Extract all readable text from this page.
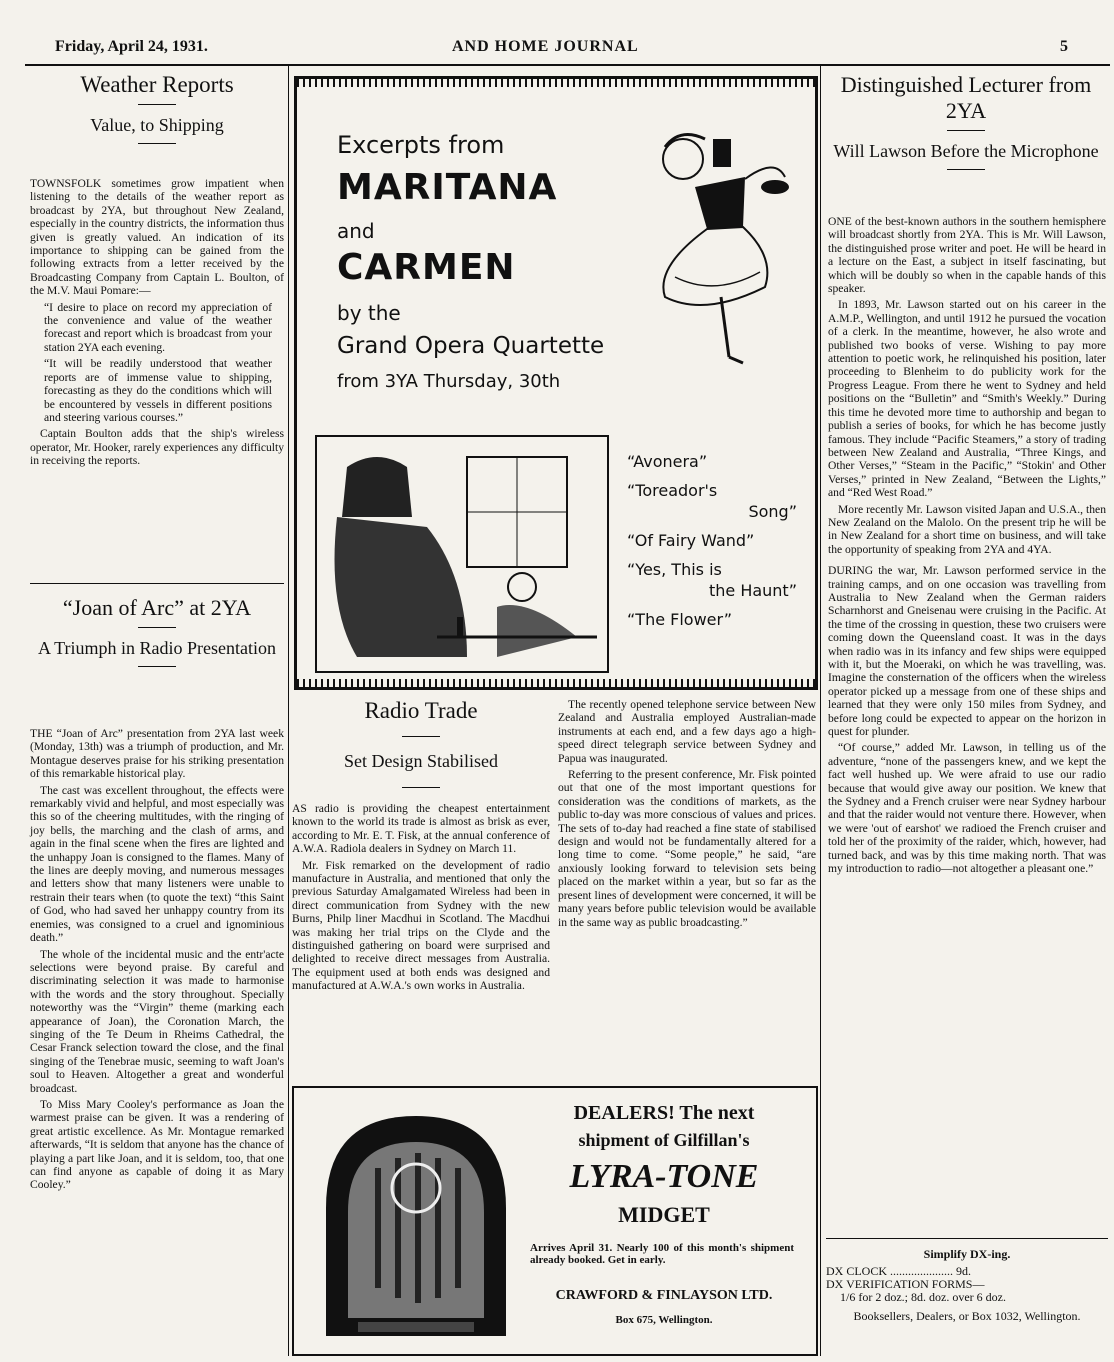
Friday, April 24, 1931.	AND HOME JOURNAL	5
Weather Reports
Value, to Shipping

TOWNSFOLK sometimes grow impatient when listening to the details of the weather report as broadcast by 2YA, but throughout New Zealand, especially in the country districts, the information thus given is greatly valued. An indication of its importance to shipping can be gained from the following extracts from a letter received by the Broadcasting Company from Captain L. Boulton, of the M.V. Maui Pomare:—

“I desire to place on record my appreciation of the convenience and value of the weather forecast and report which is broadcast from your station 2YA each evening.

“It will be readily understood that weather reports are of immense value to shipping, forecasting as they do the conditions which will be encountered by vessels in different positions and steering various courses.”

Captain Boulton adds that the ship's wireless operator, Mr. Hooker, rarely experiences any difficulty in receiving the reports.

“Joan of Arc” at 2YA
A Triumph in Radio Presentation

THE “Joan of Arc” presentation from 2YA last week (Monday, 13th) was a triumph of production, and Mr. Montague deserves praise for his striking presentation of this remarkable historical play.

The cast was excellent throughout, the effects were remarkably vivid and helpful, and most especially was this so of the cheering multitudes, with the ringing of joy bells, the marching and the clash of arms, and again in the final scene when the fires are lighted and the unhappy Joan is consigned to the flames. Many of the lines are deeply moving, and numerous messages and letters show that many listeners were unable to restrain their tears when (to quote the text) “this Saint of God, who had saved her unhappy country from its enemies, was consigned to a cruel and ignominious death.”

The whole of the incidental music and the entr'acte selections were beyond praise. By careful and discriminating selection it was made to harmonise with the words and the story throughout. Specially noteworthy was the “Virgin” theme (marking each appearance of Joan), the Coronation March, the singing of the Te Deum in Rheims Cathedral, the Cesar Franck selection toward the close, and the final singing of the Tenebrae music, seeming to waft Joan's soul to Heaven. Altogether a great and wonderful broadcast.

To Miss Mary Cooley's performance as Joan the warmest praise can be given. It was a rendering of great artistic excellence. As Mr. Montague remarked afterwards, “It is seldom that anyone has the chance of playing a part like Joan, and it is seldom, too, that one can find anyone as capable of doing it as Mary Cooley.”

Excerpts from
MARITANA
and
CARMEN
by the
Grand Opera Quartette
from 3YA Thursday, 30th
“Avonera”
“Toreador's
Song”
“Of Fairy Wand”
“Yes, This is
the Haunt”
“The Flower”
Radio Trade
Set Design Stabilised

AS radio is providing the cheapest entertainment known to the world its trade is almost as brisk as ever, according to Mr. E. T. Fisk, at the annual conference of A.W.A. Radiola dealers in Sydney on March 11.

Mr. Fisk remarked on the development of radio manufacture in Australia, and mentioned that only the previous Saturday Amalgamated Wireless had been in direct communication from Sydney with the new Burns, Philp liner Macdhui in Scotland. The Macdhui was making her trial trips on the Clyde and the distinguished gathering on board were surprised and delighted to receive direct messages from Australia. The equipment used at both ends was designed and manufactured at A.W.A.'s own works in Australia.

The recently opened telephone service between New Zealand and Australia employed Australian-made instruments at each end, and a few days ago a high-speed direct telegraph service between Sydney and Papua was inaugurated.

Referring to the present conference, Mr. Fisk pointed out that one of the most important questions for consideration was the conditions of markets, as the public to-day was more conscious of values and prices. The sets of to-day had reached a fine state of stabilised design and would not be fundamentally altered for a long time to come. “Some people,” he said, “are anxiously looking forward to television sets being placed on the market within a year, but so far as the present lines of development were concerned, it will be many years before public television would be available in the same way as public broadcasting.”

DEALERS! The next
shipment of Gilfillan's
LYRA-TONE
MIDGET
Arrives April 31. Nearly 100 of this month's shipment already booked. Get in early.
CRAWFORD & FINLAYSON LTD.
Box 675, Wellington.
Distinguished Lecturer from 2YA
Will Lawson Before the Microphone

ONE of the best-known authors in the southern hemisphere will broadcast shortly from 2YA. This is Mr. Will Lawson, the distinguished prose writer and poet. He will be heard in a lecture on the East, a subject in itself fascinating, but which will be doubly so when in the capable hands of this speaker.

In 1893, Mr. Lawson started out on his career in the A.M.P., Wellington, and until 1912 he pursued the vocation of a clerk. In the meantime, however, he also wrote and published two books of verse. Wishing to pay more attention to poetic work, he relinquished his position, later proceeding to Blenheim to do publicity work for the Progress League. From there he went to Sydney and held positions on the “Bulletin” and “Smith's Weekly.” During this time he devoted more time to authorship and began to publish a series of books, for which he has become justly famous. They include “Pacific Steamers,” a story of trading between New Zealand and Australia, “Three Kings, and Other Verses,” “Steam in the Pacific,” “Stokin' and Other Verses,” printed in New Zealand, “Between the Lights,” and “Red West Road.”

More recently Mr. Lawson visited Japan and U.S.A., then New Zealand on the Malolo. On the present trip he will be in New Zealand for a short time on business, and will take the opportunity of speaking from 2YA and 4YA.

DURING the war, Mr. Lawson performed service in the training camps, and on one occasion was travelling from Australia to New Zealand when the German raiders Scharnhorst and Gneisenau were cruising in the Pacific. At the time of the crossing in question, these two cruisers were coming down the Queensland coast. It was in the days when radio was in its infancy and few ships were equipped with it, but the Moeraki, on which he was travelling, was. Imagine the consternation of the officers when the wireless operator picked up a message from one of these ships and learned that they were only 150 miles from Sydney, and before long could be expected to appear on the horizon in quest for plunder.

“Of course,” added Mr. Lawson, in telling us of the adventure, “none of the passengers knew, and we kept the fact well hushed up. We were afraid to use our radio because that would give away our position. We knew that the Sydney and a French cruiser were near Sydney harbour and that the raider would not venture there. However, when we were 'out of earshot' we radioed the French cruiser and told her of the proximity of the raider, which, however, had turned back, and was by this time making north. That was my introduction to radio—not altogether a pleasant one.”

Simplify DX-ing.
DX CLOCK ..................... 9d.
DX VERIFICATION FORMS—
1/6 for 2 doz.; 8d. doz. over 6 doz.
Booksellers, Dealers, or Box 1032, Wellington.
